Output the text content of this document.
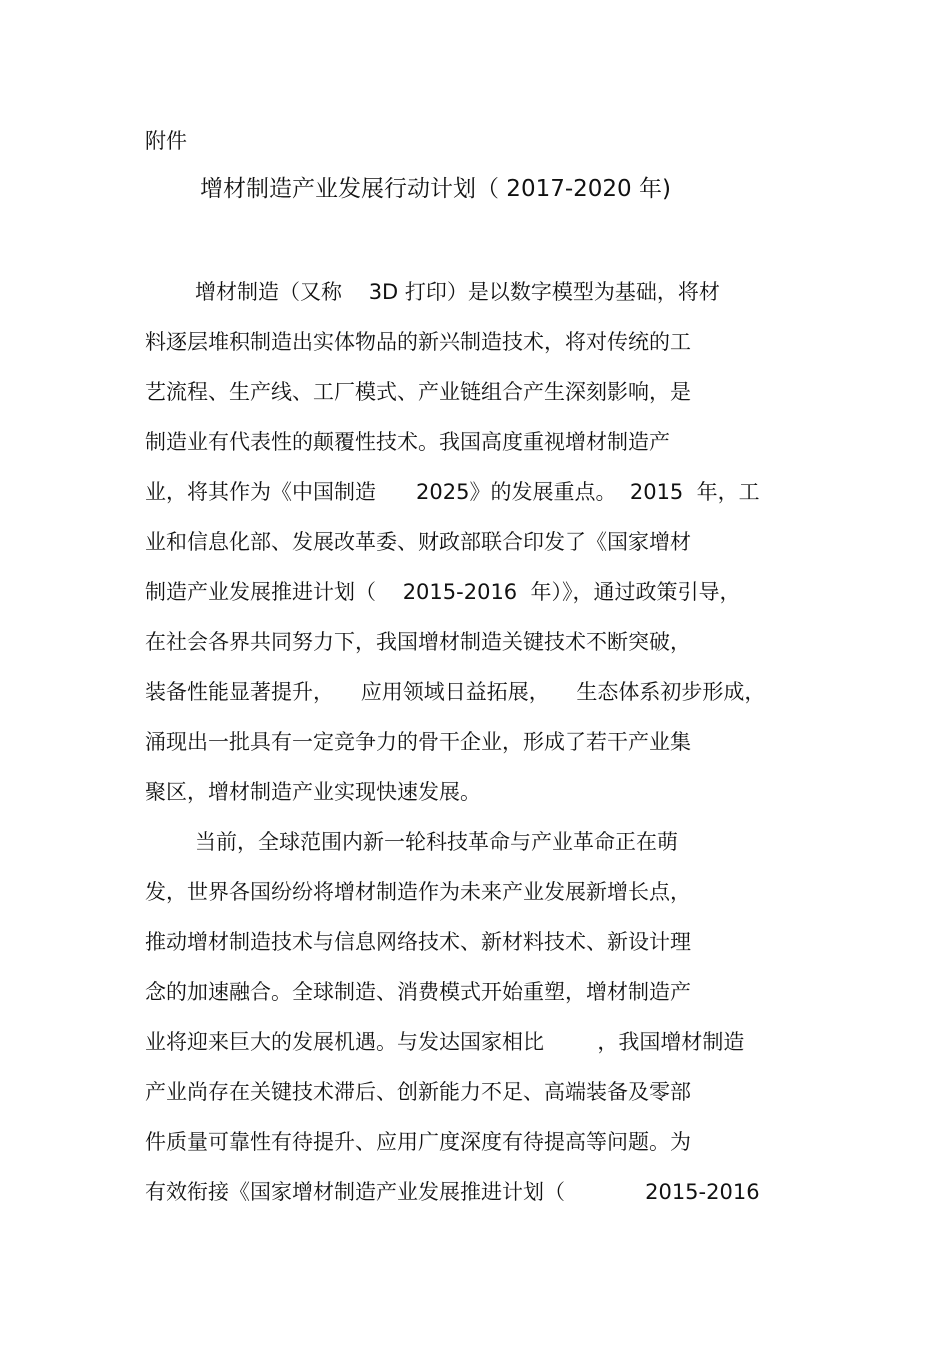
附件
增材制造产业发展行动计划（ 2017-2020 年)
增材制造（又称    3D 打印）是以数字模型为基础，将材
料逐层堆积制造出实体物品的新兴制造技术，将对传统的工
艺流程、生产线、工厂模式、产业链组合产生深刻影响，是
制造业有代表性的颠覆性技术。我国高度重视增材制造产
业，将其作为《中国制造      2025》的发展重点。  2015  年，工
业和信息化部、发展改革委、财政部联合印发了《国家增材
制造产业发展推进计划（    2015-2016  年）》，通过政策引导，
在社会各界共同努力下，我国增材制造关键技术不断突破，
装备性能显著提升，    应用领域日益拓展，    生态体系初步形成，
涌现出一批具有一定竞争力的骨干企业，形成了若干产业集
聚区，增材制造产业实现快速发展。
当前，全球范围内新一轮科技革命与产业革命正在萌
发，世界各国纷纷将增材制造作为未来产业发展新增长点，
推动增材制造技术与信息网络技术、新材料技术、新设计理
念的加速融合。全球制造、消费模式开始重塑，增材制造产
业将迎来巨大的发展机遇。与发达国家相比        ，我国增材制造
产业尚存在关键技术滞后、创新能力不足、高端装备及零部
件质量可靠性有待提升、应用广度深度有待提高等问题。为
有效衔接《国家增材制造产业发展推进计划（            2015-2016
